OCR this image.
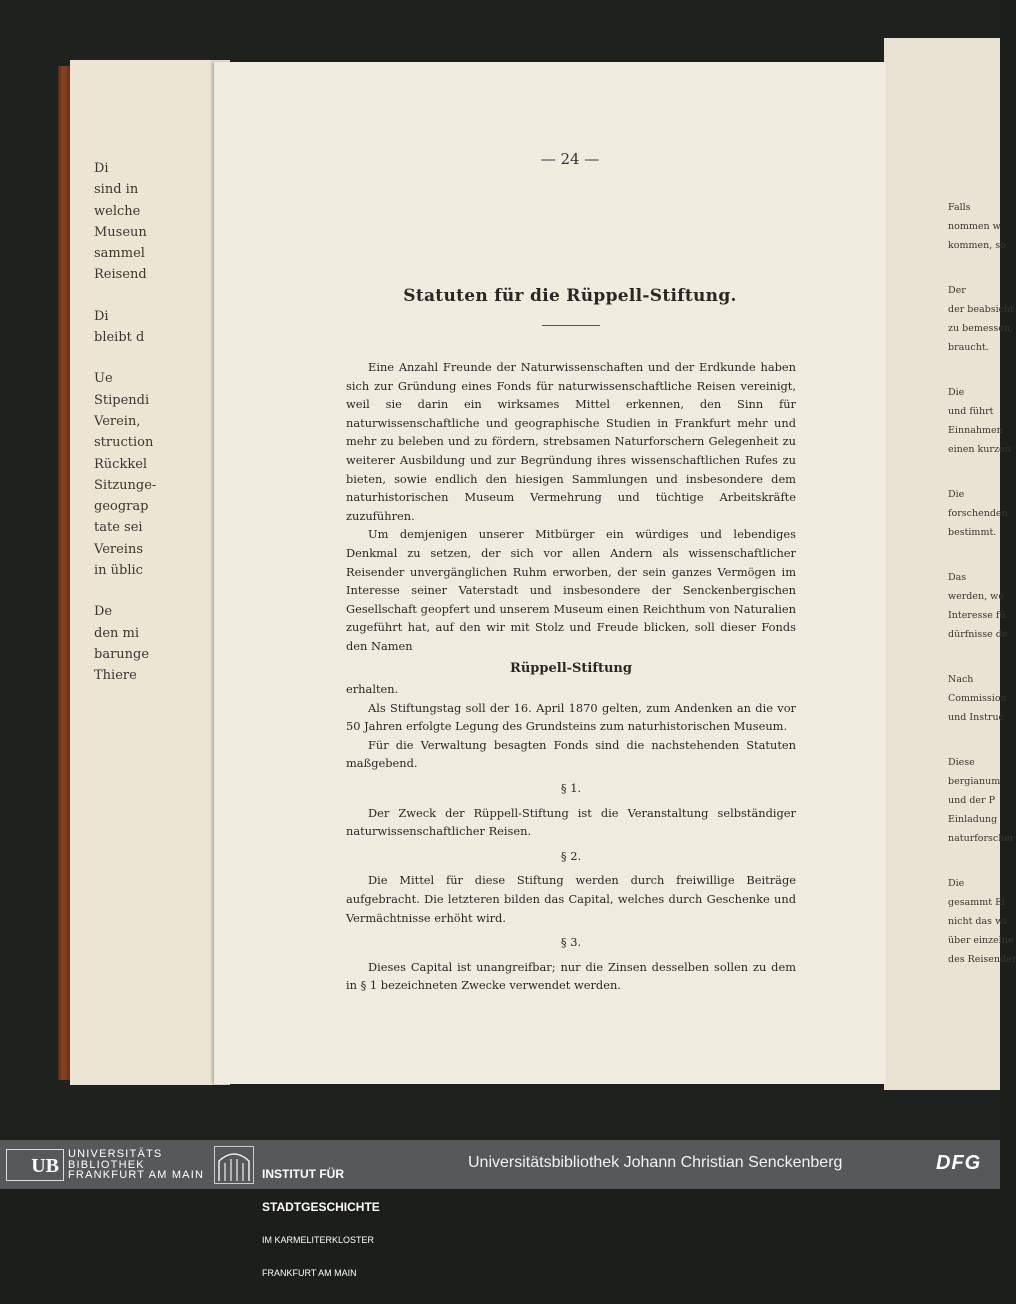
Di
sind in
welche
Museun
sammel
Reisend
Di
bleibt d
Ue
Stipendi
Verein,
struction
Rückkel
Sitzunge-
geograp
tate sei
Vereins
in üblic
De
den mi
barunge
Thiere
Falls
nommen w
kommen, so
Der
der beabsicht
zu bemessen,
braucht.
Die
und führt
Einnahmen
einen kurzen
Die
forschenden
bestimmt.
Das
werden, we
Interesse fü
dürfnisse de
Nach
Commission
und Instruc
Diese
bergianum
und der P
Einladung
naturforscher
Die
gesammt Ei
nicht das wi
über einzelne
des Reisender
— 24 —
Statuten für die Rüppell-Stiftung.

Eine Anzahl Freunde der Naturwissenschaften und der Erdkunde haben sich zur Gründung eines Fonds für naturwissenschaftliche Reisen vereinigt, weil sie darin ein wirksames Mittel erkennen, den Sinn für naturwissenschaftliche und geographische Studien in Frankfurt mehr und mehr zu beleben und zu fördern, strebsamen Naturforschern Gelegenheit zu weiterer Ausbildung und zur Begründung ihres wissenschaftlichen Rufes zu bieten, sowie endlich den hiesigen Sammlungen und insbesondere dem naturhistorischen Museum Vermehrung und tüchtige Arbeitskräfte zuzuführen.

Um demjenigen unserer Mitbürger ein würdiges und lebendiges Denkmal zu setzen, der sich vor allen Andern als wissenschaftlicher Reisender unvergänglichen Ruhm erworben, der sein ganzes Vermögen im Interesse seiner Vaterstadt und insbesondere der Senckenbergischen Gesellschaft geopfert und unserem Museum einen Reichthum von Naturalien zugeführt hat, auf den wir mit Stolz und Freude blicken, soll dieser Fonds den Namen

Rüppell-Stiftung

erhalten.

Als Stiftungstag soll der 16. April 1870 gelten, zum Andenken an die vor 50 Jahren erfolgte Legung des Grundsteins zum naturhistorischen Museum.

Für die Verwaltung besagten Fonds sind die nachstehenden Statuten maßgebend.

§ 1.

Der Zweck der Rüppell-Stiftung ist die Veranstaltung selbständiger naturwissenschaftlicher Reisen.

§ 2.

Die Mittel für diese Stiftung werden durch freiwillige Beiträge aufgebracht. Die letzteren bilden das Capital, welches durch Geschenke und Vermächtnisse erhöht wird.

§ 3.

Dieses Capital ist unangreifbar; nur die Zinsen desselben sollen zu dem in § 1 bezeichneten Zwecke verwendet werden.

UB
UNIVERSITÄTS
BIBLIOTHEK
FRANKFURT AM MAIN

	INSTITUT FÜR

STADTGESCHICHTE

IM KARMELITERKLOSTER

FRANKFURT AM MAIN

Universitätsbibliothek Johann Christian Senckenberg	DFG
